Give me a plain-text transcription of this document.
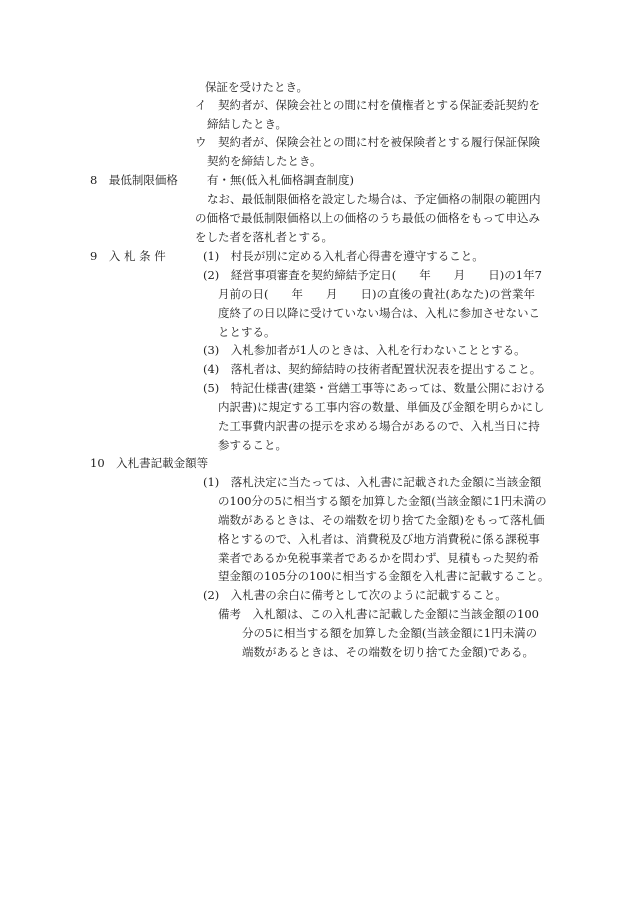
保証を受けたとき。
イ　契約者が、保険会社との間に村を債権者とする保証委託契約を
締結したとき。
ウ　契約者が、保険会社との間に村を被保険者とする履行保証保険
契約を締結したとき。
8　最低制限価格	有・無(低入札価格調査制度)
なお、最低制限価格を設定した場合は、予定価格の制限の範囲内
の価格で最低制限価格以上の価格のうち最低の価格をもって申込み
をした者を落札者とする。
9　入 札 条 件	(1)　村長が別に定める入札者心得書を遵守すること。
(2)　経営事項審査を契約締結予定日(　　年　　月　　日)の1年7
月前の日(　　年　　月　　日)の直後の貴社(あなた)の営業年
度終了の日以降に受けていない場合は、入札に参加させないこ
ととする。
(3)　入札参加者が1人のときは、入札を行わないこととする。
(4)　落札者は、契約締結時の技術者配置状況表を提出すること。
(5)　特記仕様書(建築・営繕工事等にあっては、数量公開における
内訳書)に規定する工事内容の数量、単価及び金額を明らかにし
た工事費内訳書の提示を求める場合があるので、入札当日に持
参すること。
10　入札書記載金額等
(1)　落札決定に当たっては、入札書に記載された金額に当該金額
の100分の5に相当する額を加算した金額(当該金額に1円未満の
端数があるときは、その端数を切り捨てた金額)をもって落札価
格とするので、入札者は、消費税及び地方消費税に係る課税事
業者であるか免税事業者であるかを問わず、見積もった契約希
望金額の105分の100に相当する金額を入札書に記載すること。
(2)　入札書の余白に備考として次のように記載すること。
備考　入札額は、この入札書に記載した金額に当該金額の100
分の5に相当する額を加算した金額(当該金額に1円未満の
端数があるときは、その端数を切り捨てた金額)である。
